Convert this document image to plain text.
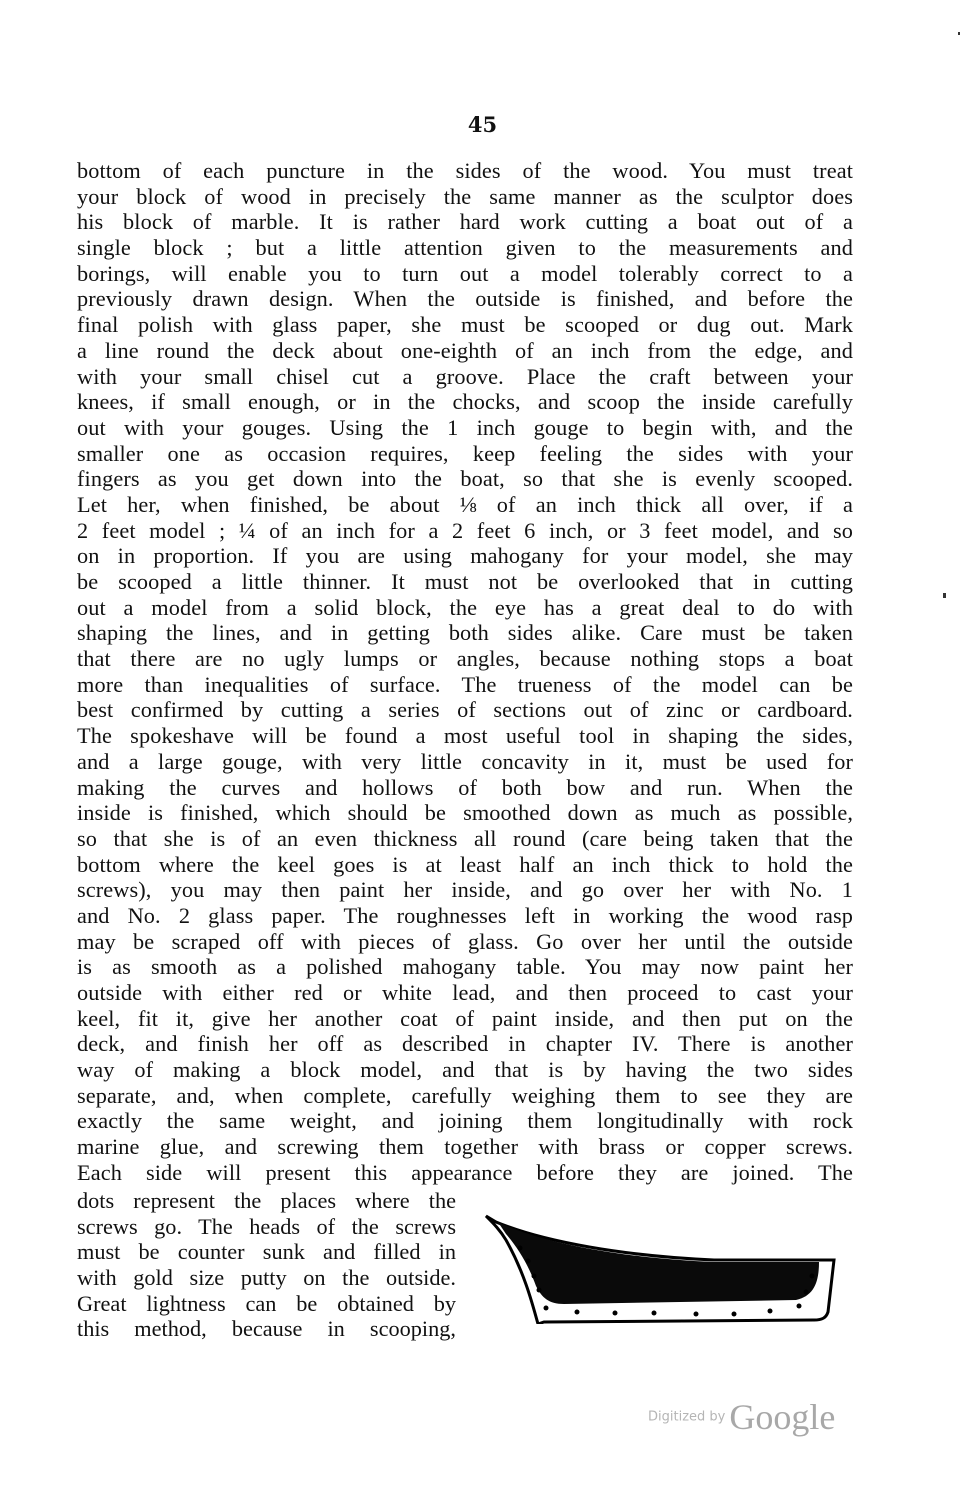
45
bottom of each puncture in the sides of the wood. You must treat
your block of wood in precisely the same manner as the sculptor does
his block of marble. It is rather hard work cutting a boat out of a
single block ; but a little attention given to the measurements and
borings, will enable you to turn out a model tolerably correct to a
previously drawn design. When the outside is finished, and before the
final polish with glass paper, she must be scooped or dug out. Mark
a line round the deck about one-eighth of an inch from the edge, and
with your small chisel cut a groove. Place the craft between your
knees, if small enough, or in the chocks, and scoop the inside carefully
out with your gouges. Using the 1 inch gouge to begin with, and the
smaller one as occasion requires, keep feeling the sides with your
fingers as you get down into the boat, so that she is evenly scooped.
Let her, when finished, be about ⅛ of an inch thick all over, if a
2 feet model ; ¼ of an inch for a 2 feet 6 inch, or 3 feet model, and so
on in proportion. If you are using mahogany for your model, she may
be scooped a little thinner. It must not be overlooked that in cutting
out a model from a solid block, the eye has a great deal to do with
shaping the lines, and in getting both sides alike. Care must be taken
that there are no ugly lumps or angles, because nothing stops a boat
more than inequalities of surface. The trueness of the model can be
best confirmed by cutting a series of sections out of zinc or cardboard.
The spokeshave will be found a most useful tool in shaping the sides,
and a large gouge, with very little concavity in it, must be used for
making the curves and hollows of both bow and run. When the
inside is finished, which should be smoothed down as much as possible,
so that she is of an even thickness all round (care being taken that the
bottom where the keel goes is at least half an inch thick to hold the
screws), you may then paint her inside, and go over her with No. 1
and No. 2 glass paper. The roughnesses left in working the wood rasp
may be scraped off with pieces of glass. Go over her until the outside
is as smooth as a polished mahogany table. You may now paint her
outside with either red or white lead, and then proceed to cast your
keel, fit it, give her another coat of paint inside, and then put on the
deck, and finish her off as described in chapter IV. There is another
way of making a block model, and that is by having the two sides
separate, and, when complete, carefully weighing them to see they are
exactly the same weight, and joining them longitudinally with rock
marine glue, and screwing them together with brass or copper screws.
Each side will present this appearance before they are joined. The
dots represent the places where the
screws go. The heads of the screws
must be counter sunk and filled in
with gold size putty on the outside.
Great lightness can be obtained by
this method, because in scooping,
Digitized by Google
